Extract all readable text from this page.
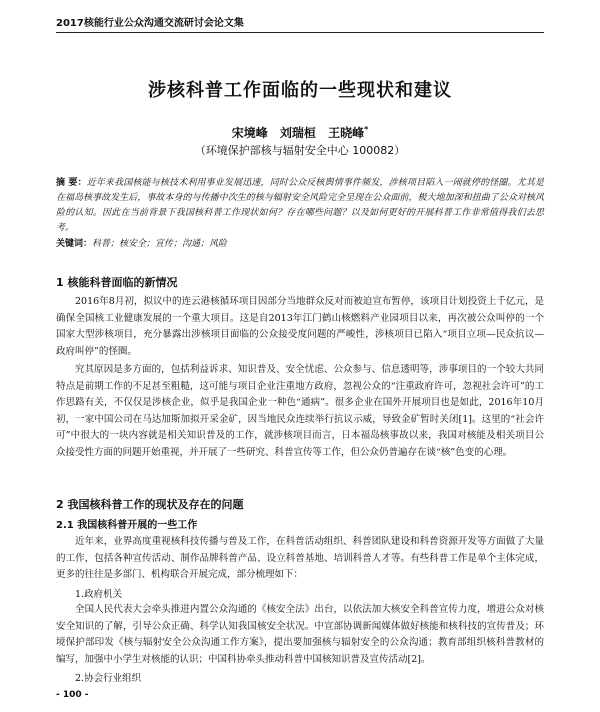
2017核能行业公众沟通交流研讨会论文集
涉核科普工作面临的一些现状和建议
宋境峰 刘瑞桓 王晓峰*
（环境保护部核与辐射安全中心 100082）
摘 要：近年来我国核能与核技术利用事业发展迅速，同时公众反核舆情事件频发，涉核项目陷入一闹就停的怪圈。尤其是在福岛核事故发生后，事故本身的与传播中次生的核与辐射安全风险完全呈现在公众面前，极大地加深和扭曲了公众对核风险的认知。因此在当前背景下我国核科普工作现状如何？存在哪些问题？以及如何更好的开展科普工作非常值得我们去思考。
关键词：科普；核安全；宣传；沟通；风险
1 核能科普面临的新情况
2016年8月初，拟议中的连云港核循环项目因部分当地群众反对而被迫宣布暂停，该项目计划投资上千亿元，是确保全国核工业健康发展的一个重大项目。这是自2013年江门鹤山核燃料产业园项目以来，再次被公众叫停的一个国家大型涉核项目，充分暴露出涉核项目面临的公众接受度问题的严峻性，涉核项目已陷入“项目立项—民众抗议—政府叫停”的怪圈。
究其原因是多方面的，包括利益诉求、知识普及、安全忧虑、公众参与、信息透明等，涉事项目的一个较大共同特点是前期工作的不足甚至粗糙，这可能与项目企业注重地方政府，忽视公众的“注重政府许可，忽视社会许可”的工作思路有关，不仅仅是涉核企业，似乎是我国企业一种色“通病”。很多企业在国外开展项目也是如此，2016年10月初，一家中国公司在马达加斯加拟开采金矿，因当地民众连续举行抗议示威，导致金矿暂时关闭[1]。这里的“社会许可”中很大的一块内容就是相关知识普及的工作，就涉核项目而言，日本福岛核事故以来，我国对核能及相关项目公众接受性方面的问题开始重视，并开展了一些研究、科普宣传等工作，但公众仍普遍存在谈“核”色变的心理。
2 我国核科普工作的现状及存在的问题
2.1 我国核科普开展的一些工作
近年来，业界高度重视核科技传播与普及工作，在科普活动组织、科普团队建设和科普资源开发等方面做了大量的工作，包括各种宣传活动、制作品牌科普产品、设立科普基地、培训科普人才等。有些科普工作是单个主体完成，更多的往往是多部门、机构联合开展完成，部分梳理如下：
1.政府机关
全国人民代表大会牵头推进内置公众沟通的《核安全法》出台，以依法加大核安全科普宣传力度，增进公众对核安全知识的了解，引导公众正确、科学认知我国核安全状况。中宣部协调新闻媒体做好核能和核科技的宣传普及；环境保护部印发《核与辐射安全公众沟通工作方案》，提出要加强核与辐射安全的公众沟通；教育部组织核科普教材的编写，加强中小学生对核能的认识；中国科协牵头推动科普中国核知识普及宣传活动[2]。
2.协会行业组织
- 100 -
